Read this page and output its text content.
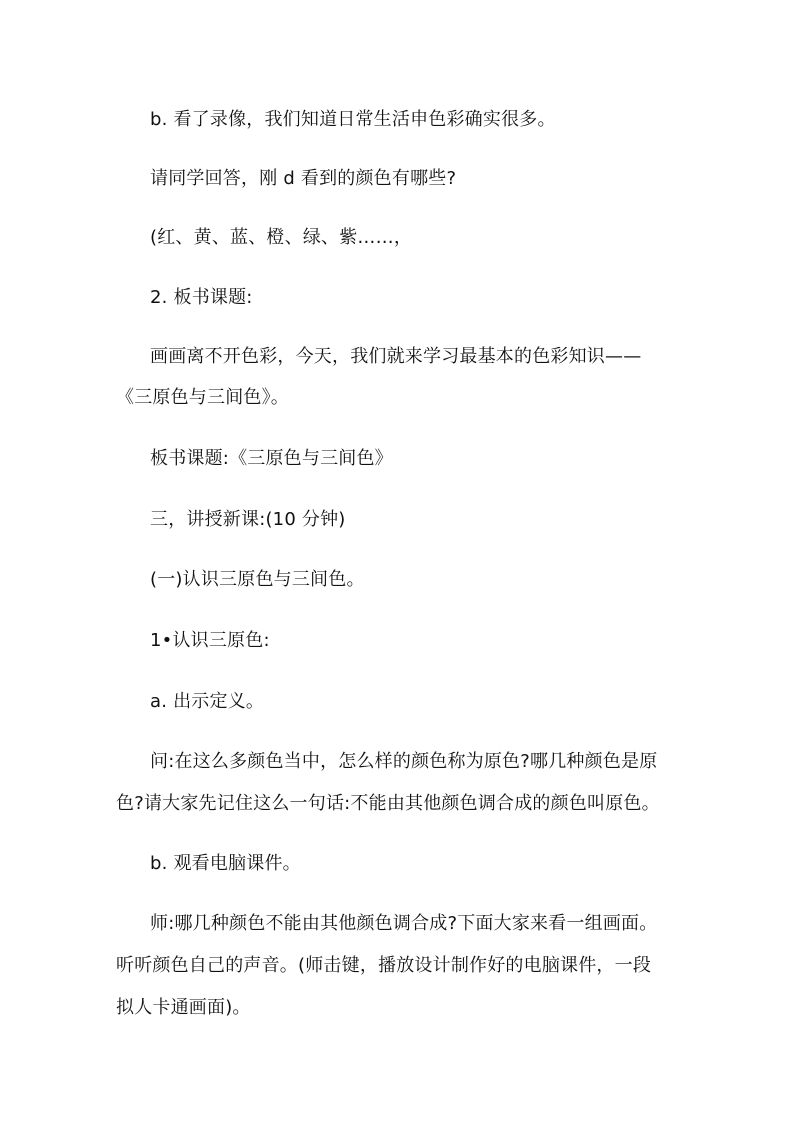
b. 看了录像，我们知道日常生活申色彩确实很多。
请同学回答，刚 d 看到的颜色有哪些?
(红、黄、蓝、橙、绿、紫……，
2. 板书课题:
画画离不开色彩，今天，我们就来学习最基本的色彩知识——
《三原色与三间色》。
板书课题:《三原色与三间色》
三，讲授新课:(10 分钟)
(一)认识三原色与三间色。
1•认识三原色:
a. 出示定义。
问:在这么多颜色当中，怎么样的颜色称为原色?哪几种颜色是原
色?请大家先记住这么一句话:不能由其他颜色调合成的颜色叫原色。
b. 观看电脑课件。
师:哪几种颜色不能由其他颜色调合成?下面大家来看一组画面。
听听颜色自己的声音。(师击键，播放设计制作好的电脑课件，一段
拟人卡通画面)。
